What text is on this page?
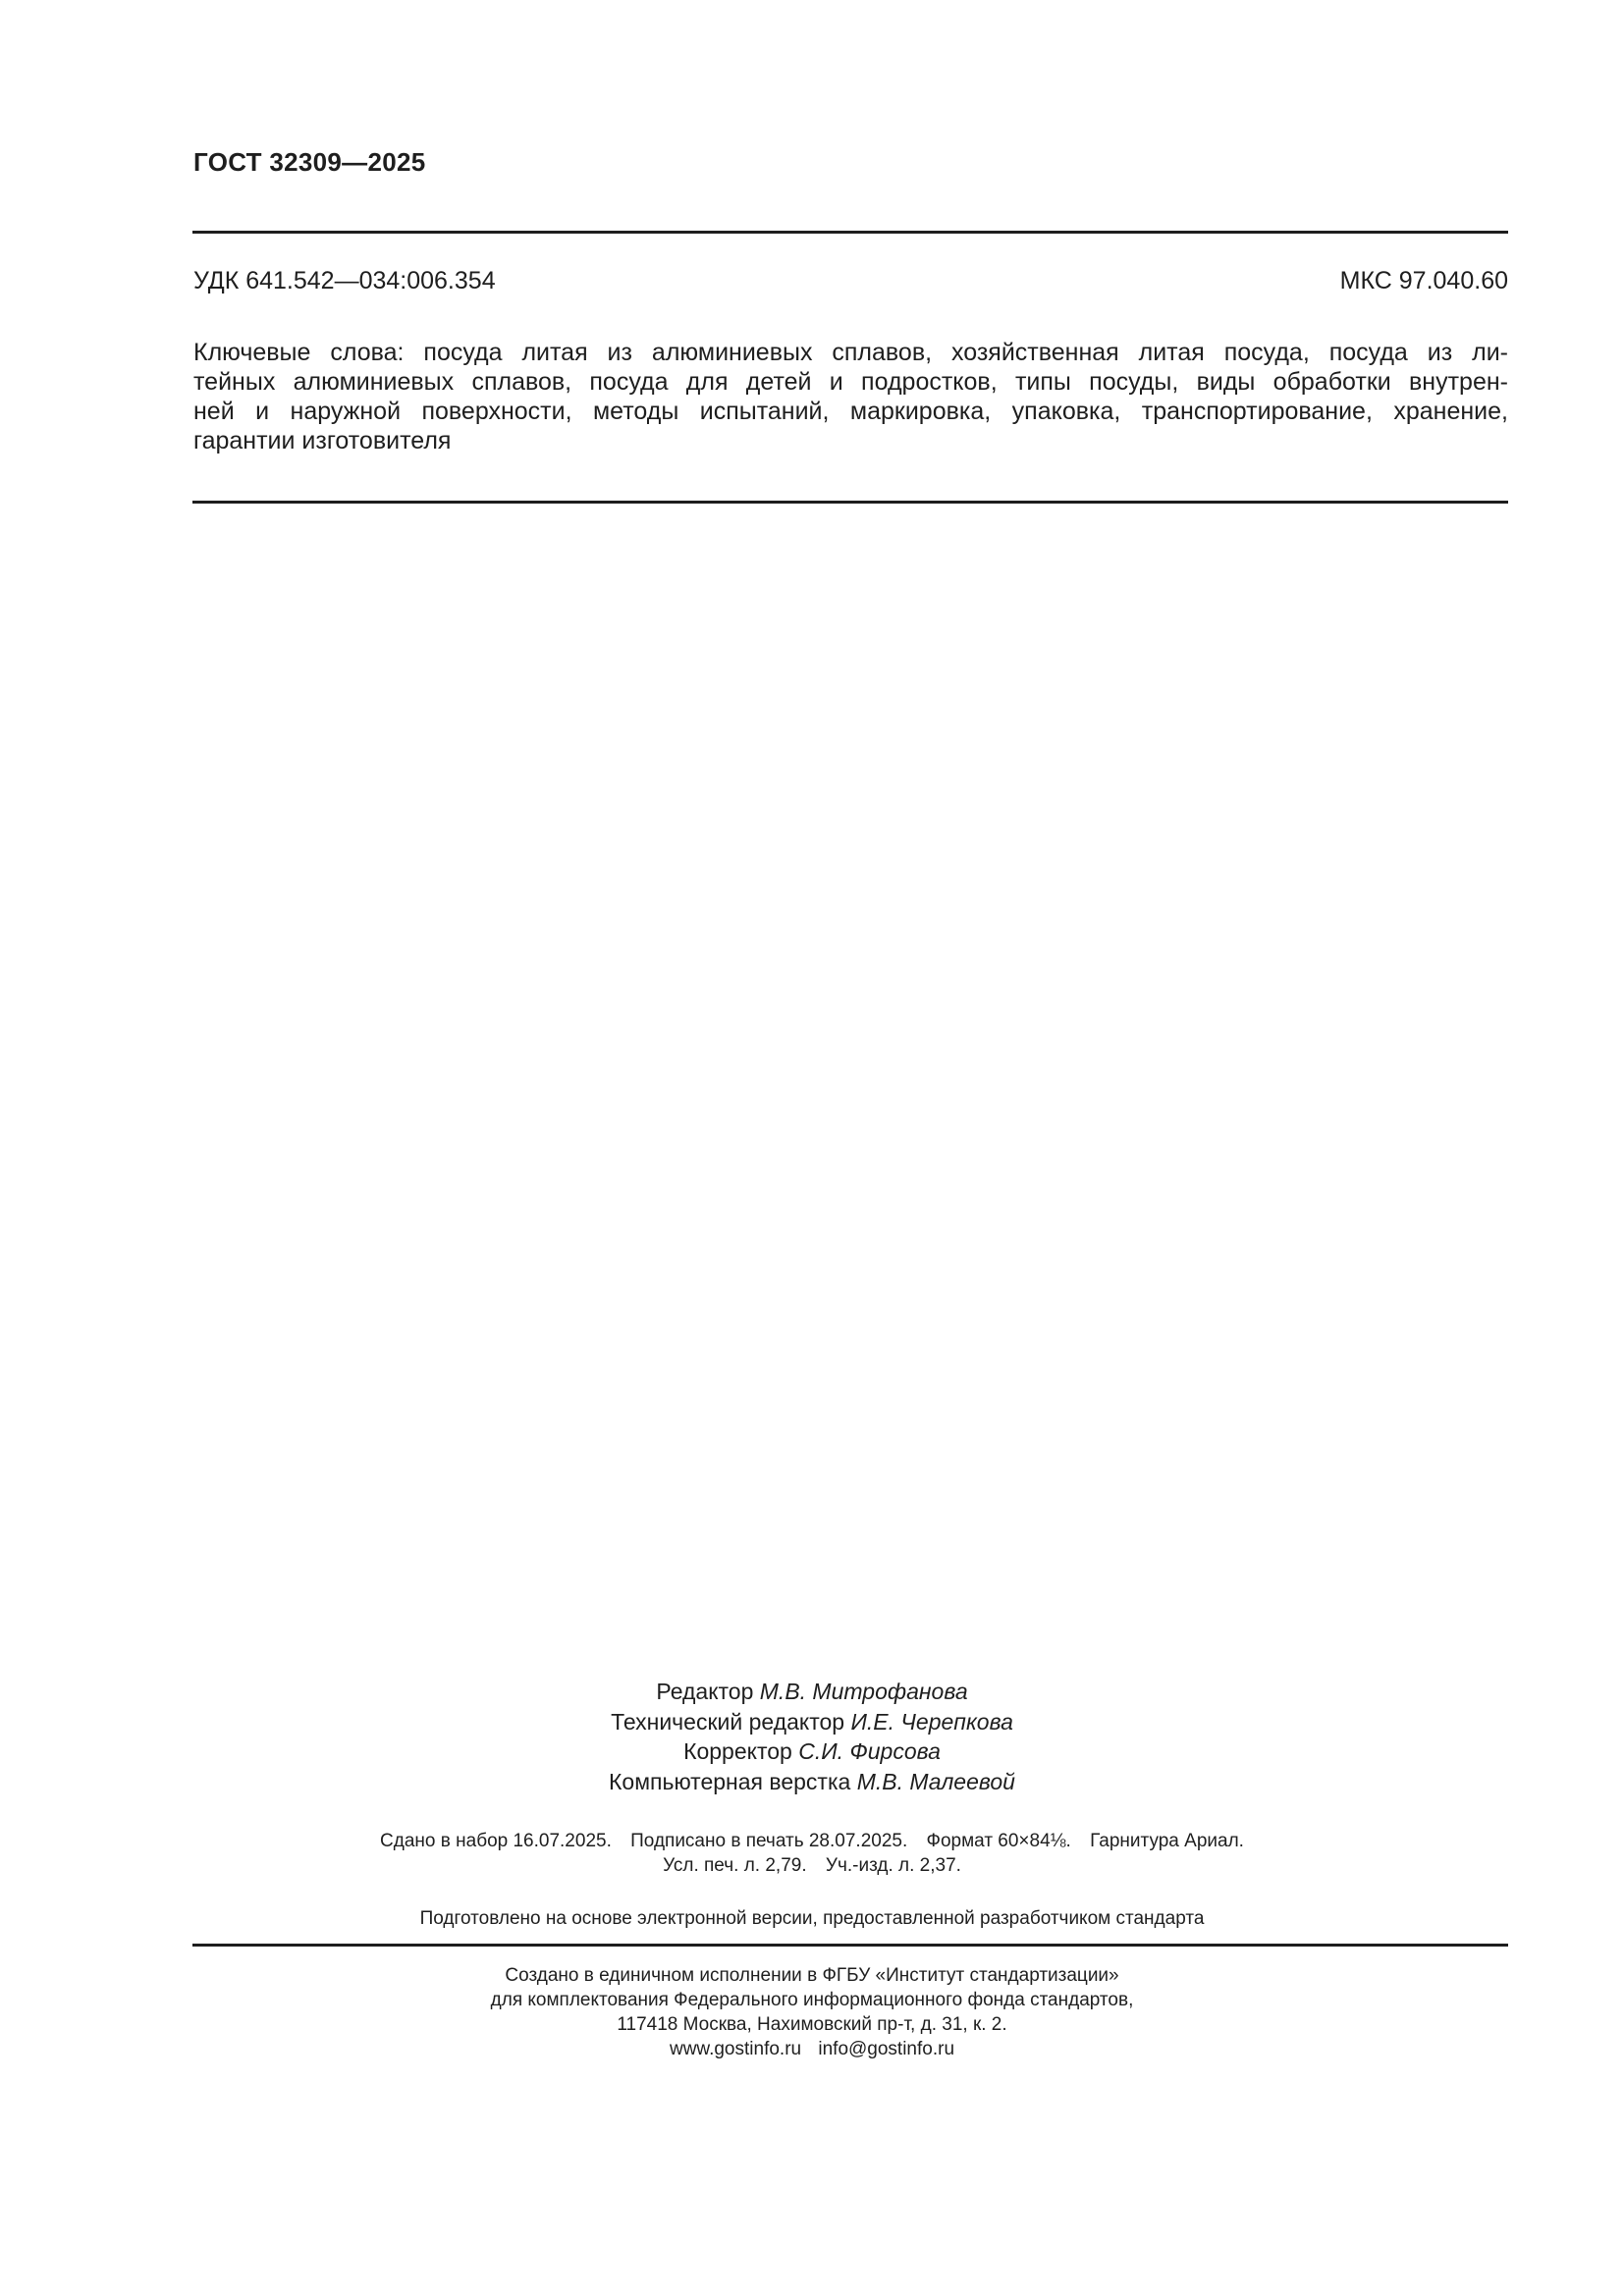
ГОСТ 32309—2025
УДК 641.542—034:006.354	МКС 97.040.60
Ключевые слова: посуда литая из алюминиевых сплавов, хозяйственная литая посуда, посуда из ли-
тейных алюминиевых сплавов, посуда для детей и подростков, типы посуды, виды обработки внутрен-
ней и наружной поверхности, методы испытаний, маркировка, упаковка, транспортирование, хранение,
гарантии изготовителя
Редактор М.В. Митрофанова
Технический редактор И.Е. Черепкова
Корректор С.И. Фирсова
Компьютерная верстка М.В. Малеевой
Сдано в набор 16.07.2025. Подписано в печать 28.07.2025. Формат 60×84⅛. Гарнитура Ариал.
Усл. печ. л. 2,79. Уч.-изд. л. 2,37.
Подготовлено на основе электронной версии, предоставленной разработчиком стандарта
Создано в единичном исполнении в ФГБУ «Институт стандартизации»
для комплектования Федерального информационного фонда стандартов,
117418 Москва, Нахимовский пр-т, д. 31, к. 2.
www.gostinfo.ru info@gostinfo.ru
